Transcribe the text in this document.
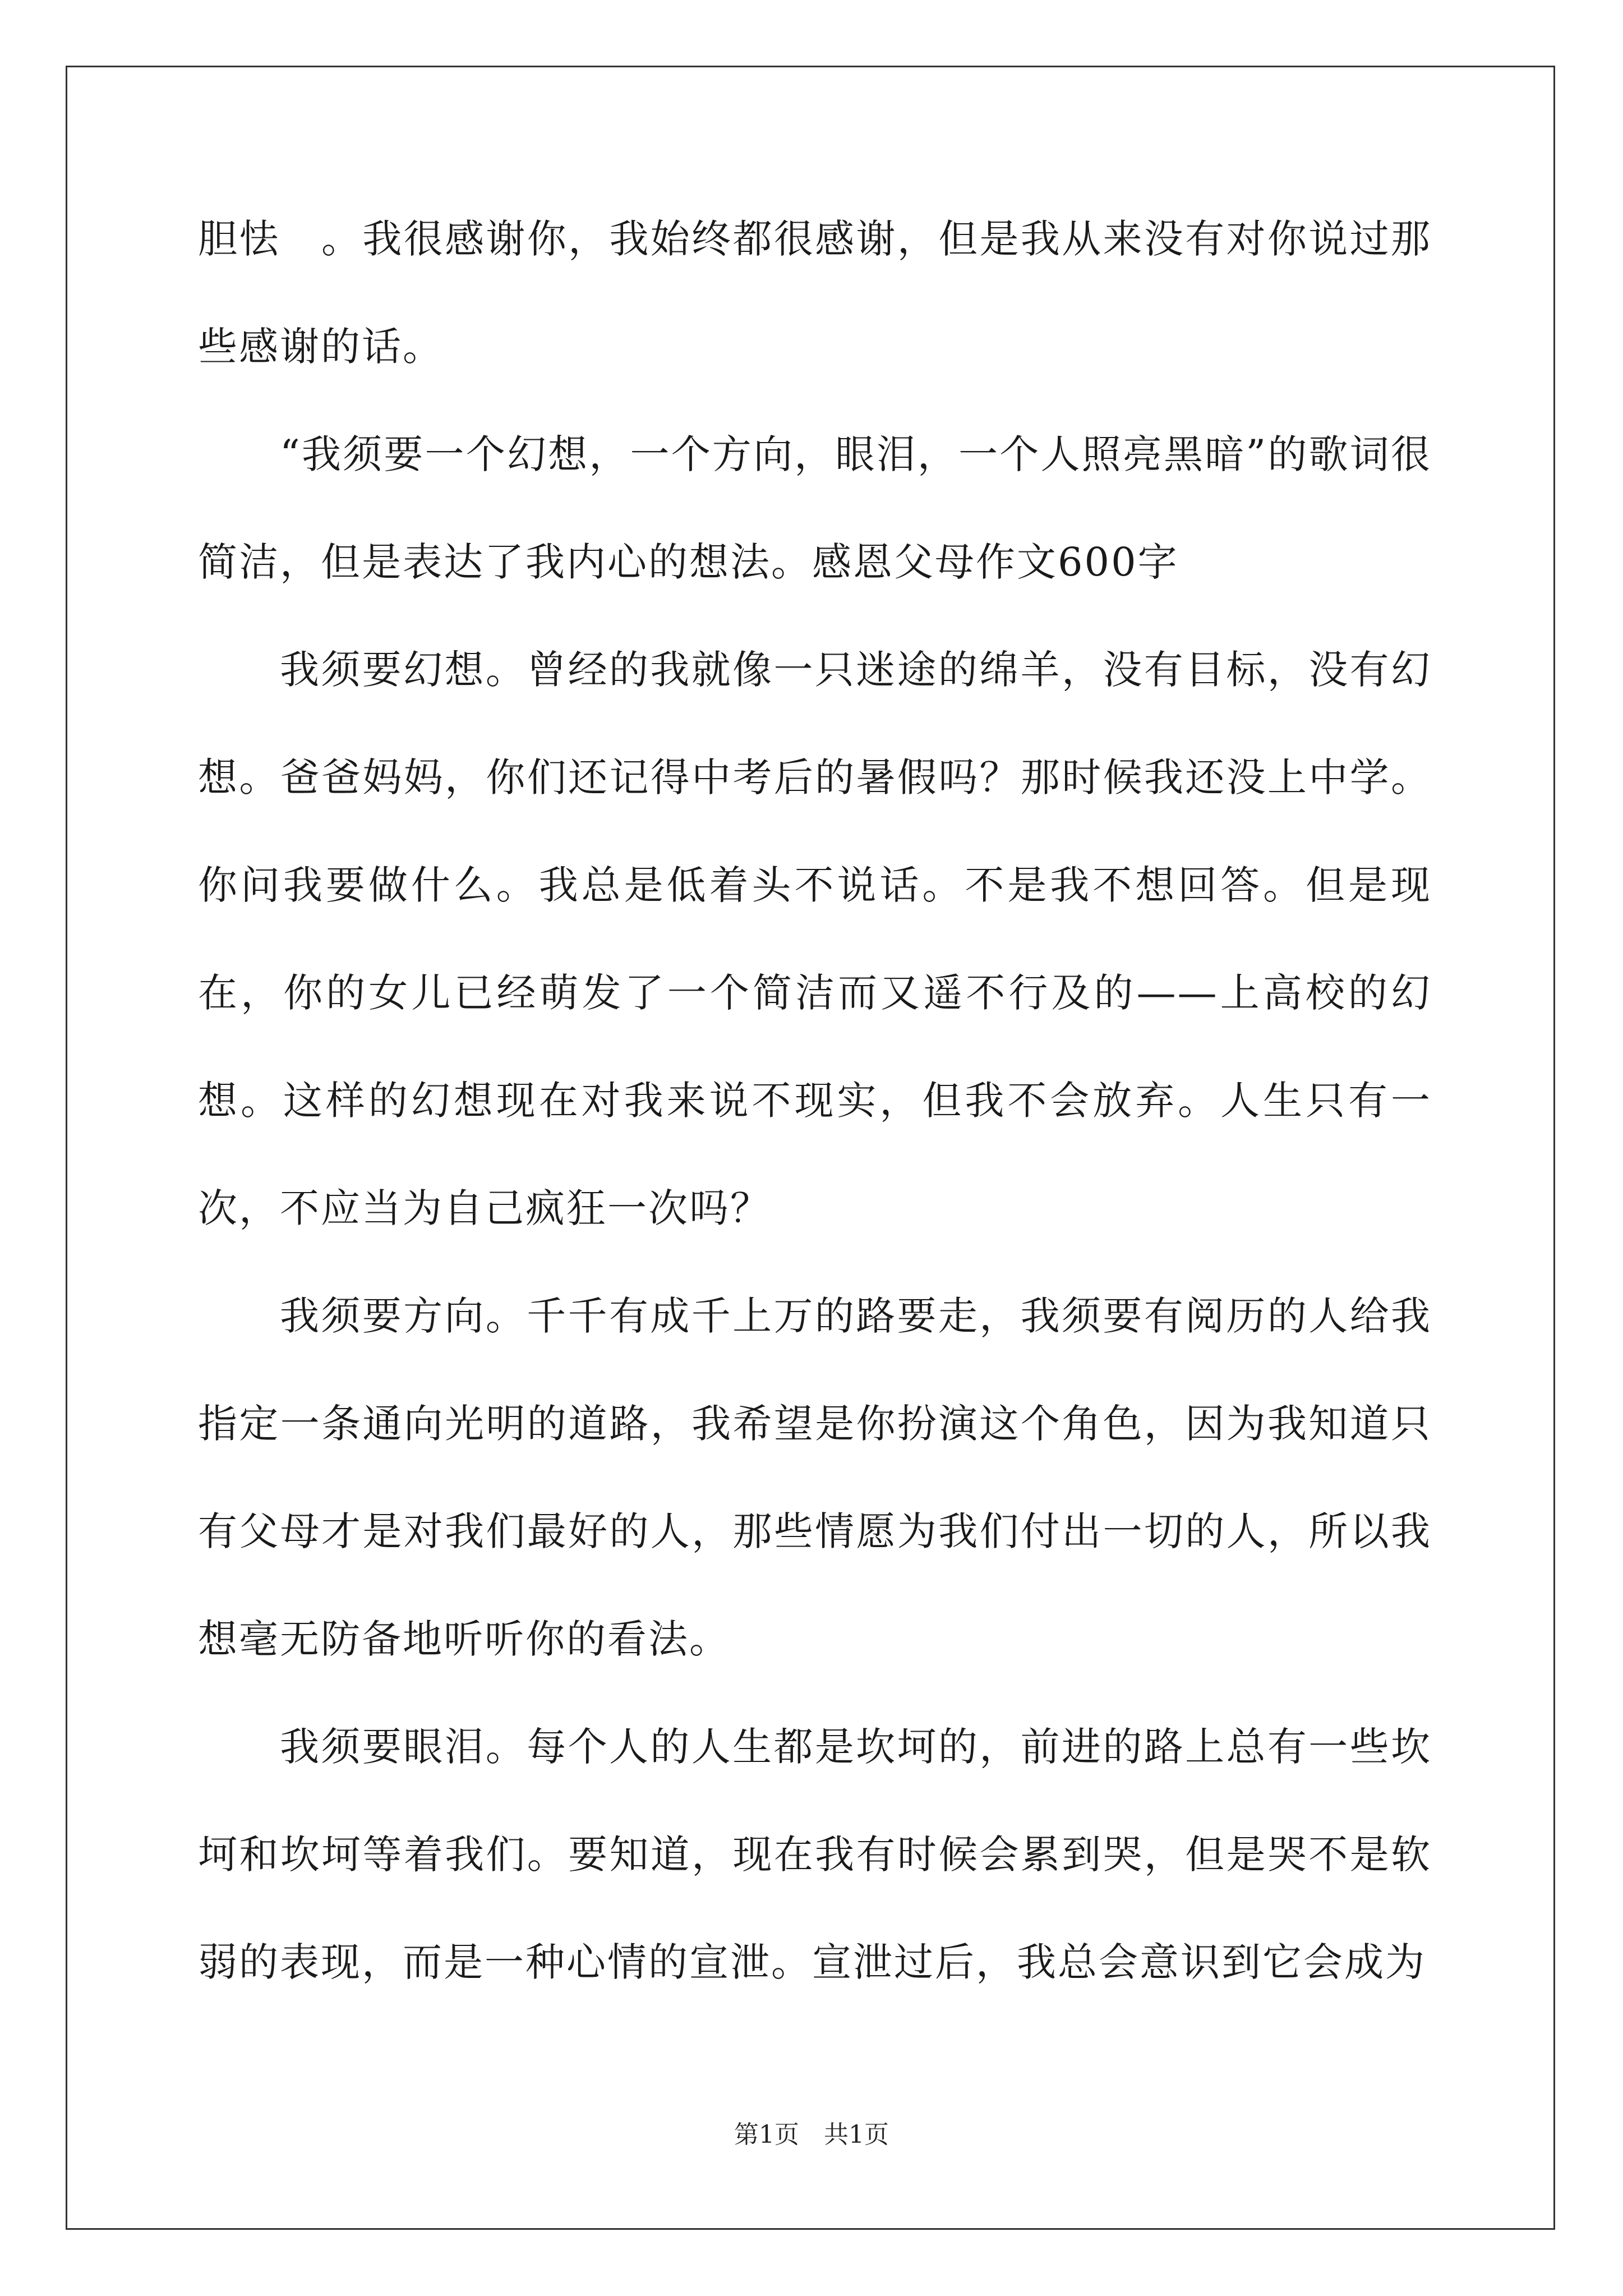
胆怯　。我很感谢你，我始终都很感谢，但是我从来没有对你说过那些感谢的话。

“我须要一个幻想，一个方向，眼泪，一个人照亮黑暗”的歌词很简洁，但是表达了我内心的想法。感恩父母作文600字

我须要幻想。曾经的我就像一只迷途的绵羊，没有目标，没有幻想。爸爸妈妈，你们还记得中考后的暑假吗？那时候我还没上中学。你问我要做什么。我总是低着头不说话。不是我不想回答。但是现在，你的女儿已经萌发了一个简洁而又遥不行及的——上高校的幻想。这样的幻想现在对我来说不现实，但我不会放弃。人生只有一次，不应当为自己疯狂一次吗？

我须要方向。千千有成千上万的路要走，我须要有阅历的人给我指定一条通向光明的道路，我希望是你扮演这个角色，因为我知道只有父母才是对我们最好的人，那些情愿为我们付出一切的人，所以我想毫无防备地听听你的看法。

我须要眼泪。每个人的人生都是坎坷的，前进的路上总有一些坎坷和坎坷等着我们。要知道，现在我有时候会累到哭，但是哭不是软弱的表现，而是一种心情的宣泄。宣泄过后，我总会意识到它会成为

第1页　共1页
